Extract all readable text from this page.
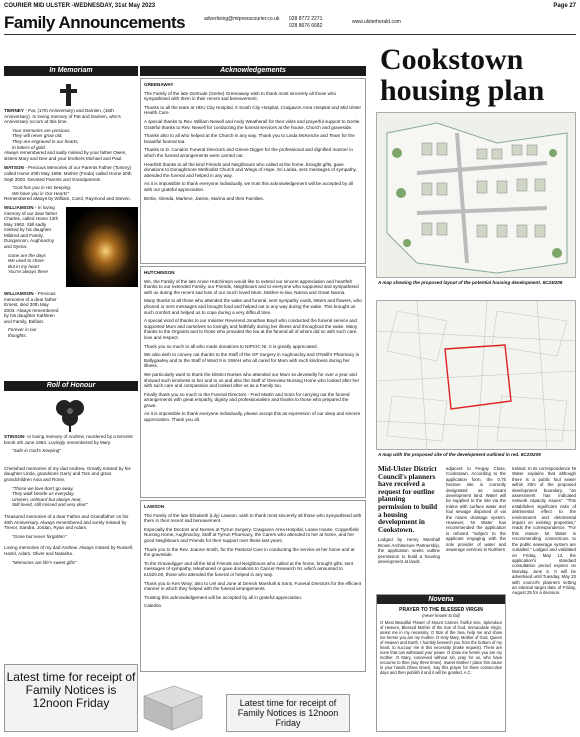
COURIER MID ULSTER -WEDNESDAY, 31st May 2023	Page 27
Family Announcements	advertising@mtpresscourier.co.uk 028 8772 2271
028 8676 6682
www.ulsterherald.com
In Memoriam	Acknowledgements

TIERNEY - Pat, (17th Anniversary) and Damien, (16th Anniversary). In loving memory of Pat and Damien, who's Anniversary occurs at this time.

Your memories are precious,
They will never grow old,
They are engraved in our hearts,
In letters of gold.

Always remembered and sadly missed by your father Owen, sisters Mary and Dee and your brothers Michael and Paul.

WATSON - Precious Memories of our Parents Father (Tommy) called Home 20th May 1998. Mother (Freda) called Home 20th Sept 2003. Devoted Parents and Grandparents

"God has you in His keeping,
We have you in Our Hearts"

Remembered always by William, Carol, Raymond and Steven.

WILLIAMSON - In loving memory of our dear father Charles, called Home 13th May 1962. Still sadly missed by his daughter Mildred and Family, Dungannon, Aughnacloy and Syeria.

Gone are the days
We used to share
But in my heart
You're always there

WILLIAMSON - Precious memories of a dear father Ernest, died 30th May 2003. Always remembered by his daughter Kathleen and Family, Belfast.

Forever in our
thoughts.
Roll of Honour

STINSON- In loving memory of Andrew, murdered by a terrorist bomb 4th June 1983. Lovingly remembered by Mary.

"Safe in God's Keeping"

Cherished memories of my dad Andrew. Greatly missed by his daughter Linda, grandsons Garry and Tom and great grandchildren Axia and Ronin.

"Those we love don't go away,
They walk beside us everyday,
Unseen, unheard but always near,
Still loved, still missed and very dear"

Treasured memories of a dear Father and Grandfather on his 40th Anniversary. Always remembered and sorely missed by Trevor, Sandra, Jordan, Ryan and Adam.

"Gone but never forgotten"

Loving memories of my dad Andrew. Always missed by Russell, Hazel, Adam, Oliver and Natasha.

"Memories are life's sweet gifts"
Latest time for receipt of Family Notices is 12noon Friday

GREENAWAY

The Family of the late Gertrude (Gertie) Greenaway wish to thank most sincerely all those who sympathised with them in their recent sad bereavement.

Thanks to all the team at HDU City Hospital, 5 South City Hospital, Craigavon Area Hospital and Mid Ulster Health Care.

A special thanks to Rev. William Newell and Andy Weatherall for their visits and prayerful support to Gertie. Grateful thanks to Rev. Newell for conducting the funeral services at the house, Church and graveside.

Thanks also to all who helped at the Church in any way. Thank you to Linda McKenzie and Team for the beautiful funeral tea.

Thanks to D. Cunalon Funeral Directors and Grieve Digger for the professional and dignified manner in which the funeral arrangements were carried out.

Heartfelt thanks to all the kind Friends and Neighbours who called at the home, brought gifts, gave donations to Donaghmore Methodist Church and Wings of Hope, Sri Lanka, sent messages of sympathy, attended the funeral and helped in any way.

As it is impossible to thank everyone individually, we trust this acknowledgement will be accepted by all with our grateful appreciation.

Bertie, Glenda, Marlene, Janine, Marina and their Families.

HUTCHINSON

We, the Family of the late Annie Hutchinson would like to extend our sincere appreciation and heartfelt thanks to our extended Family, our Friends, Neighbours and to everyone who supported and sympathised with us during the recent sad loss of our much loved Mum, Mother-in-law, Nanna and Great Nanna.

Many thanks to all those who attended the wake and funeral, sent sympathy cards, letters and flowers, who phoned or sent messages and brought food and helped out in any way during the wake. This brought us such comfort and helped us to cope during a very difficult time.

A special word of thanks to our minister Reverend Jonathan Boyd who conducted the funeral service and supported Mum and ourselves so lovingly and faithfully during her illness and throughout the wake. Many thanks to the Organist and to those who provided the tea at the funeral all of whom did so with such care, love and respect.

Thank you so much to all who made donations to NIPCIC NI. It is greatly appreciated.

We also wish to convey out thanks to the Staff of the GP Surgery in Aughnacloy and O'Neill's Pharmacy in Ballygawley and to the Staff of Ward 9 in SWAH who all cared for Mum with such kindness during her illness.

We particularly want to thank the District Nurses who attended our Mum so devotedly for over a year and showed such kindness to her and to us and also the Staff of Glenview Nursing Home who looked after her with such care and compassion and looked after us as a Family too.

Finally thank you so much to the Funeral Directors - Fred Martin and Sons for carrying out the funeral arrangements with great empathy, dignity and professionalism and thanks to those who prepared the grave.

As it is impossible to thank everyone individually, please accept this as expression of our deep and sincere appreciation. Thank you all.

LAWSON

The Family of the late Elizabeth (Lily) Lawson, wish to thank most sincerely all those who sympathised with them in their recent sad bereavement.

Especially the Doctors and Nurses at Tyrrun Surgery, Craigavon Area Hospital, Loane House, Copperfield Nursing Home, Aughnacloy, Staff at Tyrrun Pharmacy, the Carers who attended to her at home, and her good Neighbours and Friends for their support over these last years.

Thank you to the Rev. Joanne Smith, for the Pastoral Care in conducting the service at her home and at the graveside.

To the Gravedigger and all the kind Friends and Neighbours who called at the home, brought gifts, sent messages of sympathy, telephoned or gave donations to Cancer Research NI, which amounted to £1520.00, those who attended the funeral or helped in any way.

Thank you to Ken Wray; also to Uel and June at Dereck Marshall & Sons, Funeral Directors for the efficient manner in which they helped with the funeral arrangements.

Trusting this acknowledgement will be accepted by all in grateful appreciation.

Caledon.

Latest time for receipt of Family Notices is 12noon Friday
Cookstown housing plan
A map showing the proposed layout of the potential housing development. 5C23I208
A map with the proposed site of the development outlined in red. 5C23I209
Mid-Ulster District Council's planners have received a request for outline planning permission to build a housing development in Cookstown.
Lodged by Henry Marshall Brown Architecture Partnership, the application seeks outline permission to build a housing development at lands
adjacent to Fergay Close, Cookstown. According to the application form, the 0.75 hectare site is currently designated as vacant development land. Water will be supplied to the site via the mains with surface water and foul sewage disposed of via the mains drainage system. However, NI Water has recommended the application is refused "subject to the applicant engaging with the sole provider of water and sewerage services in Northern
Ireland. In its correspondence NI Water explains that although there is a public foul sewer within 20m of the proposed development boundary, "an assessment has indicated network capacity issues". "This establishes significant risks of detrimental effect to the environment and detrimental impact on existing properties," reads the correspondence. "For this reason NI Water is recommending connections to the public sewerage system are curtailed." Lodged and validated on Friday, May 12, the application's standard consultation period expires on Monday, June 5. It will be advertised until Tuesday, May 23 with council's planners setting an internal target date of Friday, August 25 for a decision.
Novena
PRAYER TO THE BLESSED VIRGIN
(never known to fail)
O Most Beautiful Flower of Mount Carmel, fruitful vine, Splendour of Heaven, Blessed Mother of the Son of God, Immaculate Virgin, assist me in my necessity. O Star of the Sea, help me and show me herein you are my mother. O Holy Mary, Mother of God, Queen of Heaven and Earth, I humbly beseech you from the bottom of my heart, to succour me in this necessity (make request). There are none that can withstand your power. O show me herein you are my mother. O Mary, conceived without sin, pray for us, who have recourse to thee (say three times). Sweet Mother I place this cause in your hands (three times). Say this prayer for three consecutive days and then publish it and it will be granted. A.C.
